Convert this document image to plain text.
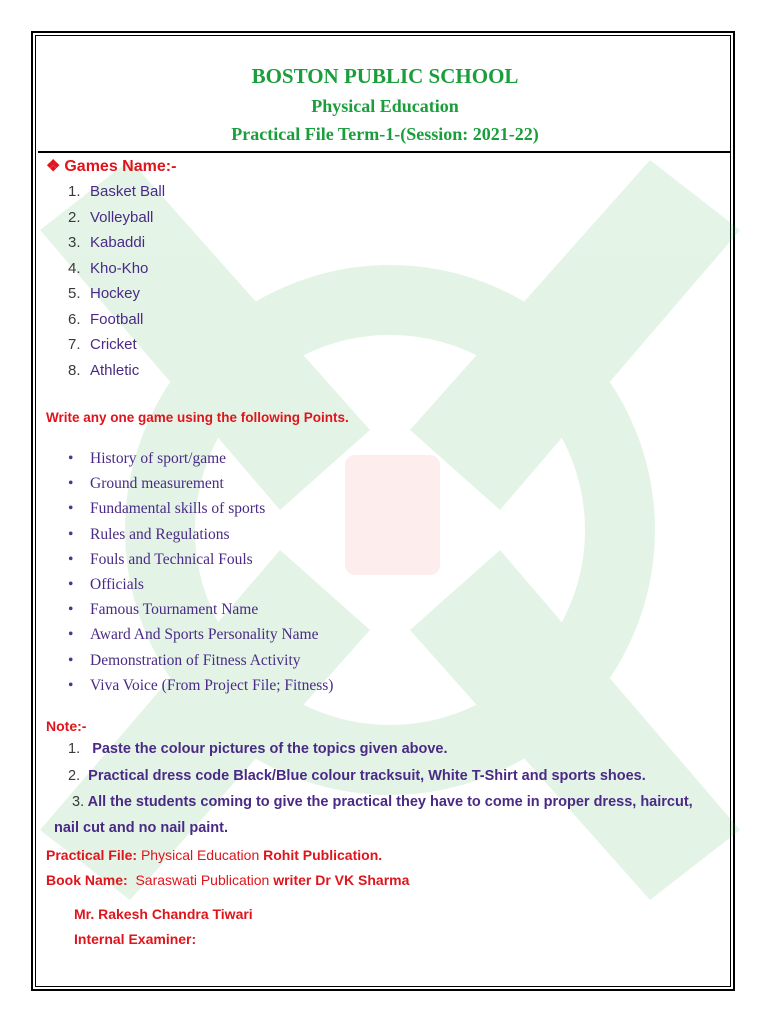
BOSTON PUBLIC SCHOOL
Physical Education
Practical File Term-1-(Session: 2021-22)
❖ Games Name:-
1. Basket Ball
2. Volleyball
3. Kabaddi
4. Kho-Kho
5. Hockey
6. Football
7. Cricket
8. Athletic
Write any one game using the following Points.
• History of sport/game
• Ground measurement
• Fundamental skills of sports
• Rules and Regulations
• Fouls and Technical Fouls
• Officials
• Famous Tournament Name
• Award And Sports Personality Name
• Demonstration of Fitness Activity
• Viva Voice (From Project File; Fitness)
Note:-
1. Paste the colour pictures of the topics given above.
2. Practical dress code Black/Blue colour tracksuit, White T-Shirt and sports shoes.
3. All the students coming to give the practical they have to come in proper dress, haircut,
nail cut and no nail paint.
Practical File: Physical Education Rohit Publication.
Book Name: Saraswati Publication writer Dr VK Sharma
Mr. Rakesh Chandra Tiwari
Internal Examiner:
